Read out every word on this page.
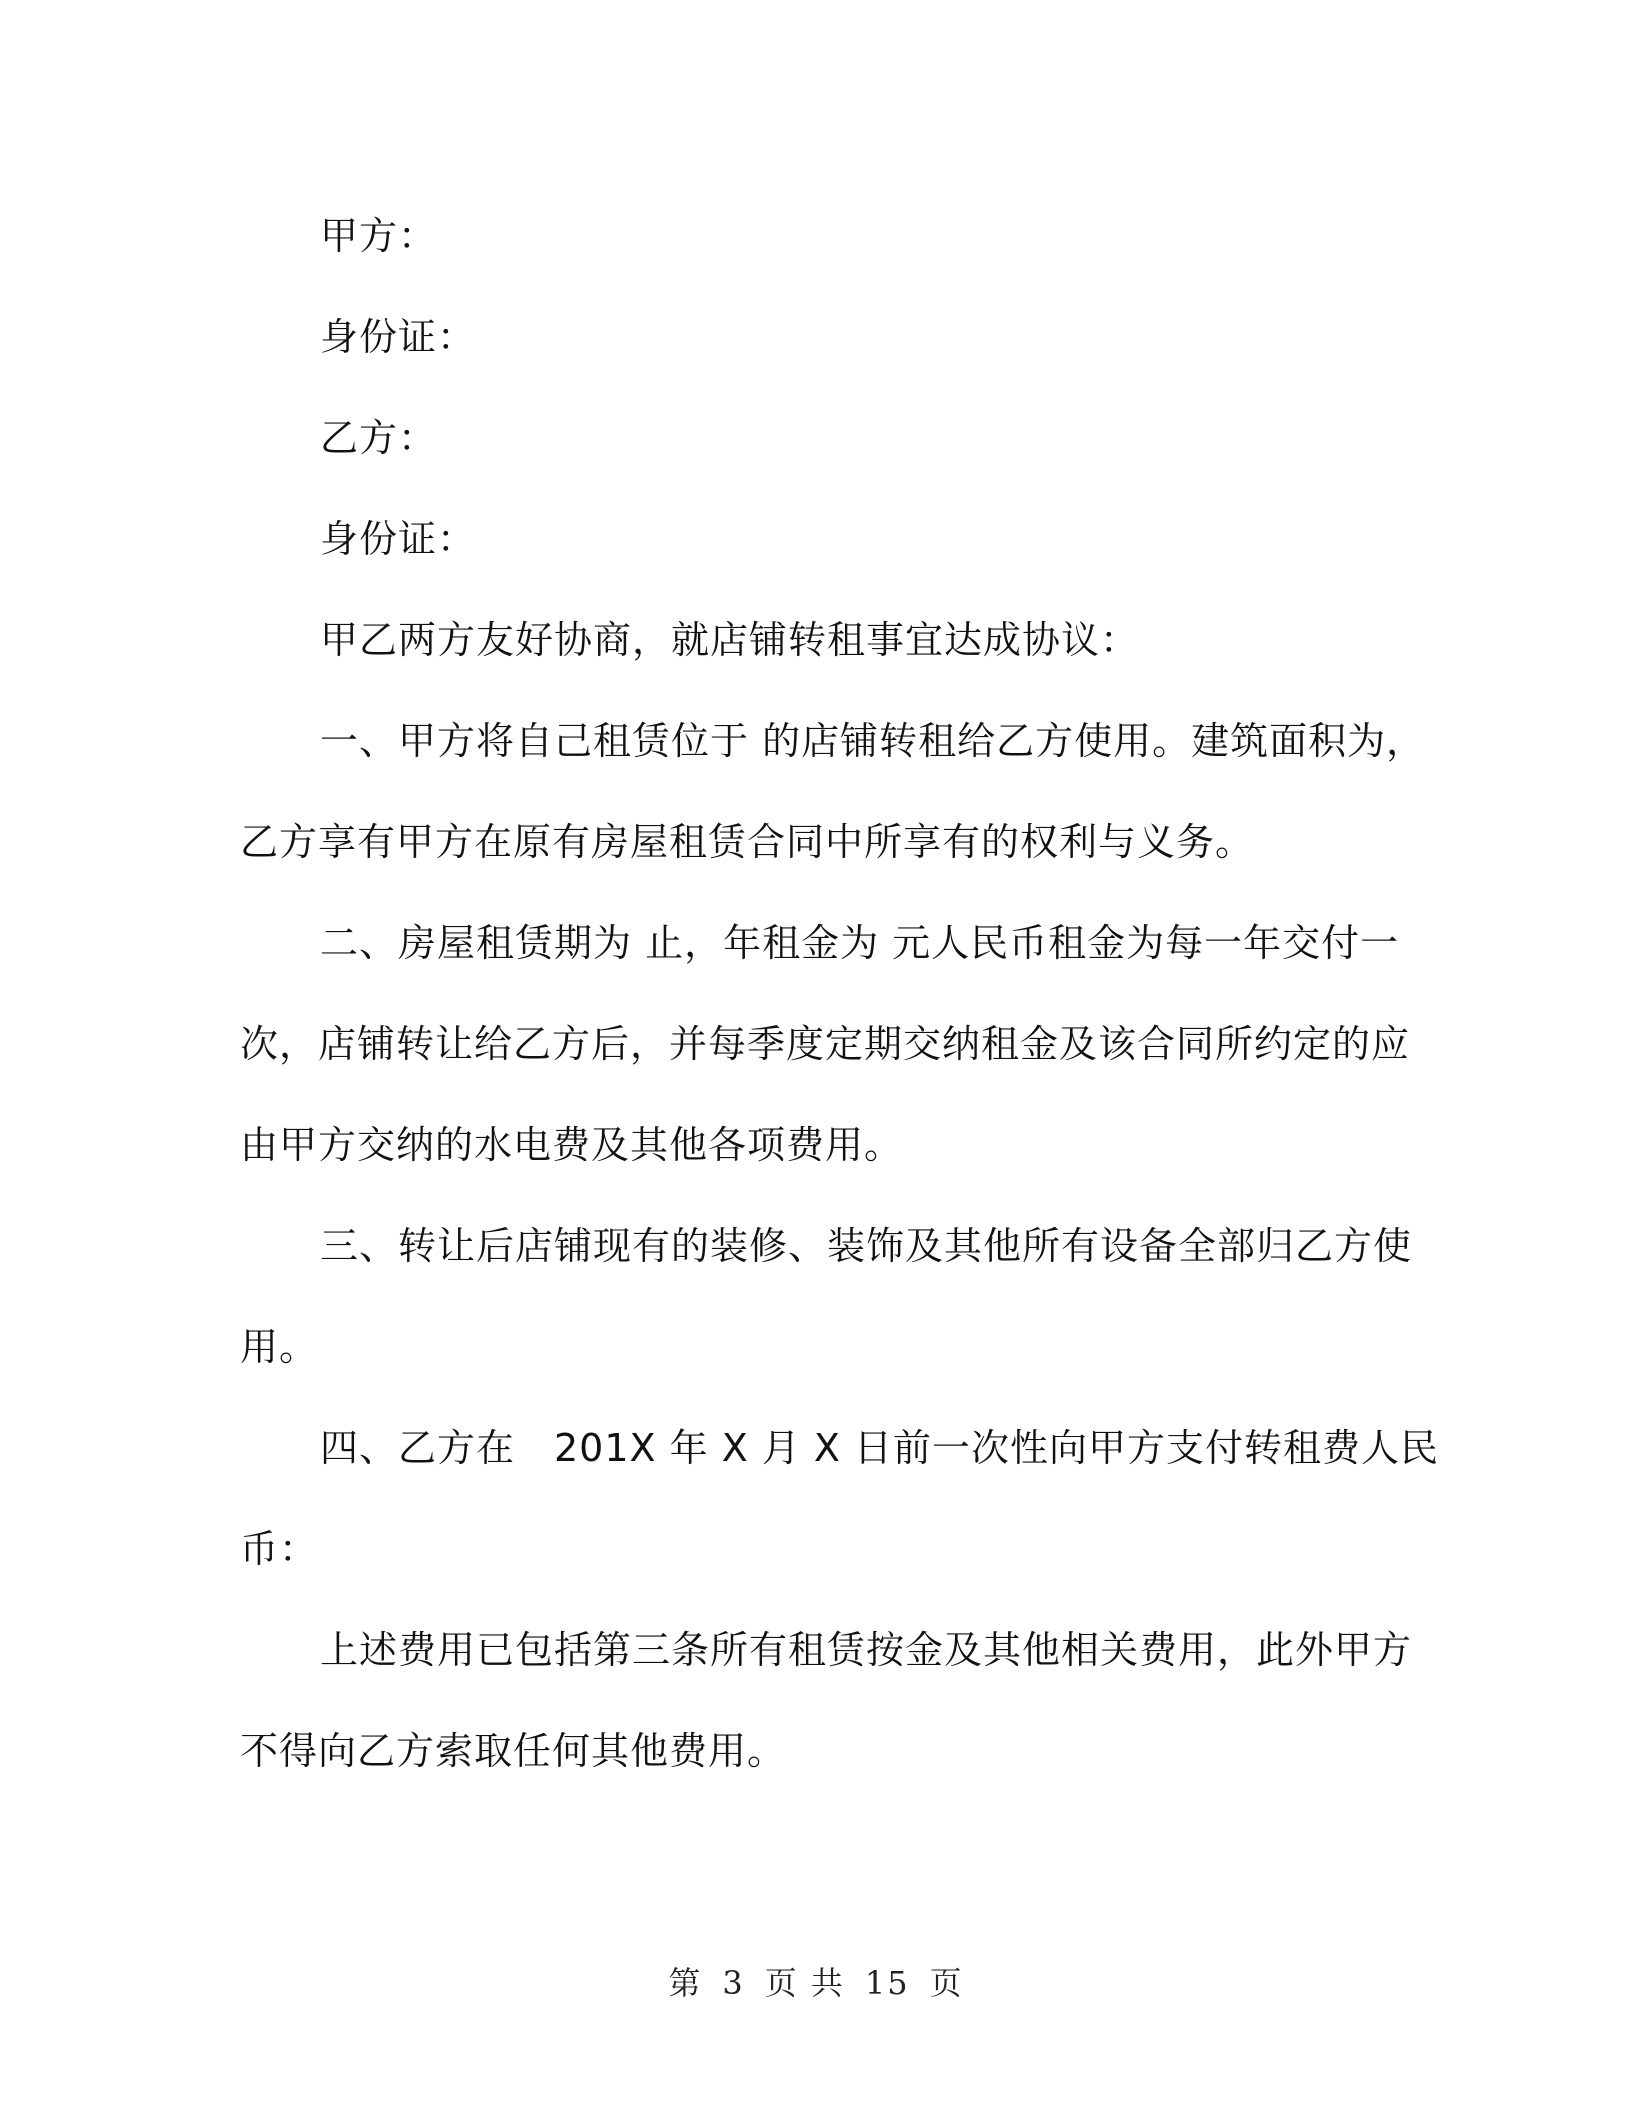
甲方：
身份证：
乙方：
身份证：
甲乙两方友好协商，就店铺转租事宜达成协议：
一、甲方将自己租赁位于 的店铺转租给乙方使用。建筑面积为，
乙方享有甲方在原有房屋租赁合同中所享有的权利与义务。
二、房屋租赁期为 止，年租金为 元人民币租金为每一年交付一
次，店铺转让给乙方后，并每季度定期交纳租金及该合同所约定的应
由甲方交纳的水电费及其他各项费用。
三、转让后店铺现有的装修、装饰及其他所有设备全部归乙方使
用。
四、乙方在　201X 年 X 月 X 日前一次性向甲方支付转租费人民
币：
上述费用已包括第三条所有租赁按金及其他相关费用，此外甲方
不得向乙方索取任何其他费用。
第 3 页 共 15 页
